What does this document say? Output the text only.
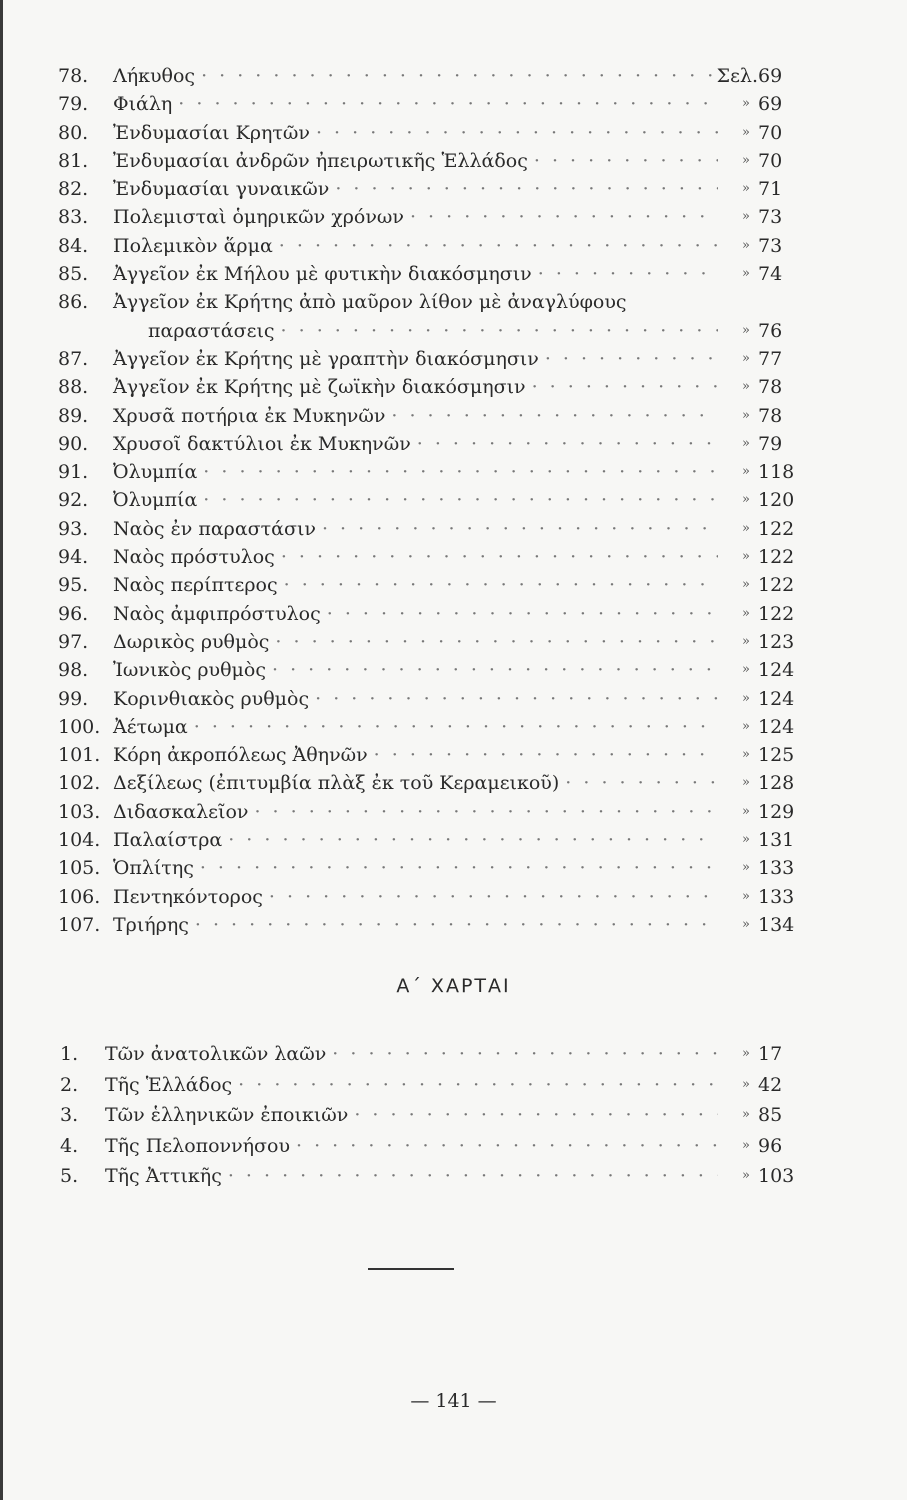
78.	Λήκυθος · · ·	Σελ. 69
79.	Φιάλη · · ·	» 69
80.	Ἐνδυμασίαι Κρητῶν · · ·	» 70
81.	Ἐνδυμασίαι ἀνδρῶν ἠπειρωτικῆς Ἑλλάδος · · ·	» 70
82.	Ἐνδυμασίαι γυναικῶν · · ·	» 71
83.	Πολεμισταὶ ὁμηρικῶν χρόνων · · ·	» 73
84.	Πολεμικὸν ἅρμα · · ·	» 73
85.	Ἀγγεῖον ἐκ Μήλου μὲ φυτικὴν διακόσμησιν · · ·	» 74
86.	Ἀγγεῖον ἐκ Κρήτης ἀπὸ μαῦρον λίθον μὲ ἀναγλύφους
παραστάσεις · · ·	» 76
87.	Ἀγγεῖον ἐκ Κρήτης μὲ γραπτὴν διακόσμησιν · · ·	» 77
88.	Ἀγγεῖον ἐκ Κρήτης μὲ ζωϊκὴν διακόσμησιν · · ·	» 78
89.	Χρυσᾶ ποτήρια ἐκ Μυκηνῶν · · ·	» 78
90.	Χρυσοῖ δακτύλιοι ἐκ Μυκηνῶν · · ·	» 79
91.	Ὀλυμπία · · ·	» 118
92.	Ὀλυμπία · · ·	» 120
93.	Ναὸς ἐν παραστάσιν · · ·	» 122
94.	Ναὸς πρόστυλος · · ·	» 122
95.	Ναὸς περίπτερος · · ·	» 122
96.	Ναὸς ἀμφιπρόστυλος · · ·	» 122
97.	Δωρικὸς ρυθμὸς · · ·	» 123
98.	Ἰωνικὸς ρυθμὸς · · ·	» 124
99.	Κορινθιακὸς ρυθμὸς · · ·	» 124
100. Ἀέτωμα · · ·	» 124
101. Κόρη ἀκροπόλεως Ἀθηνῶν · · ·	» 125
102. Δεξίλεως (ἐπιτυμβία πλὰξ ἐκ τοῦ Κεραμεικοῦ) · · ·	» 128
103. Διδασκαλεῖον · · ·	» 129
104. Παλαίστρα · · ·	» 131
105. Ὁπλίτης · · ·	» 133
106. Πεντηκόντορος · · ·	» 133
107. Τριήρης · · ·	» 134
Α΄ ΧΑΡΤΑΙ
1.	Τῶν ἀνατολικῶν λαῶν · · ·	» 17
2.	Τῆς Ἑλλάδος · · ·	» 42
3.	Τῶν ἑλληνικῶν ἐποικιῶν · · ·	» 85
4.	Τῆς Πελοποννήσου · · ·	» 96
5.	Τῆς Ἀττικῆς · · ·	» 103
— 141 —
